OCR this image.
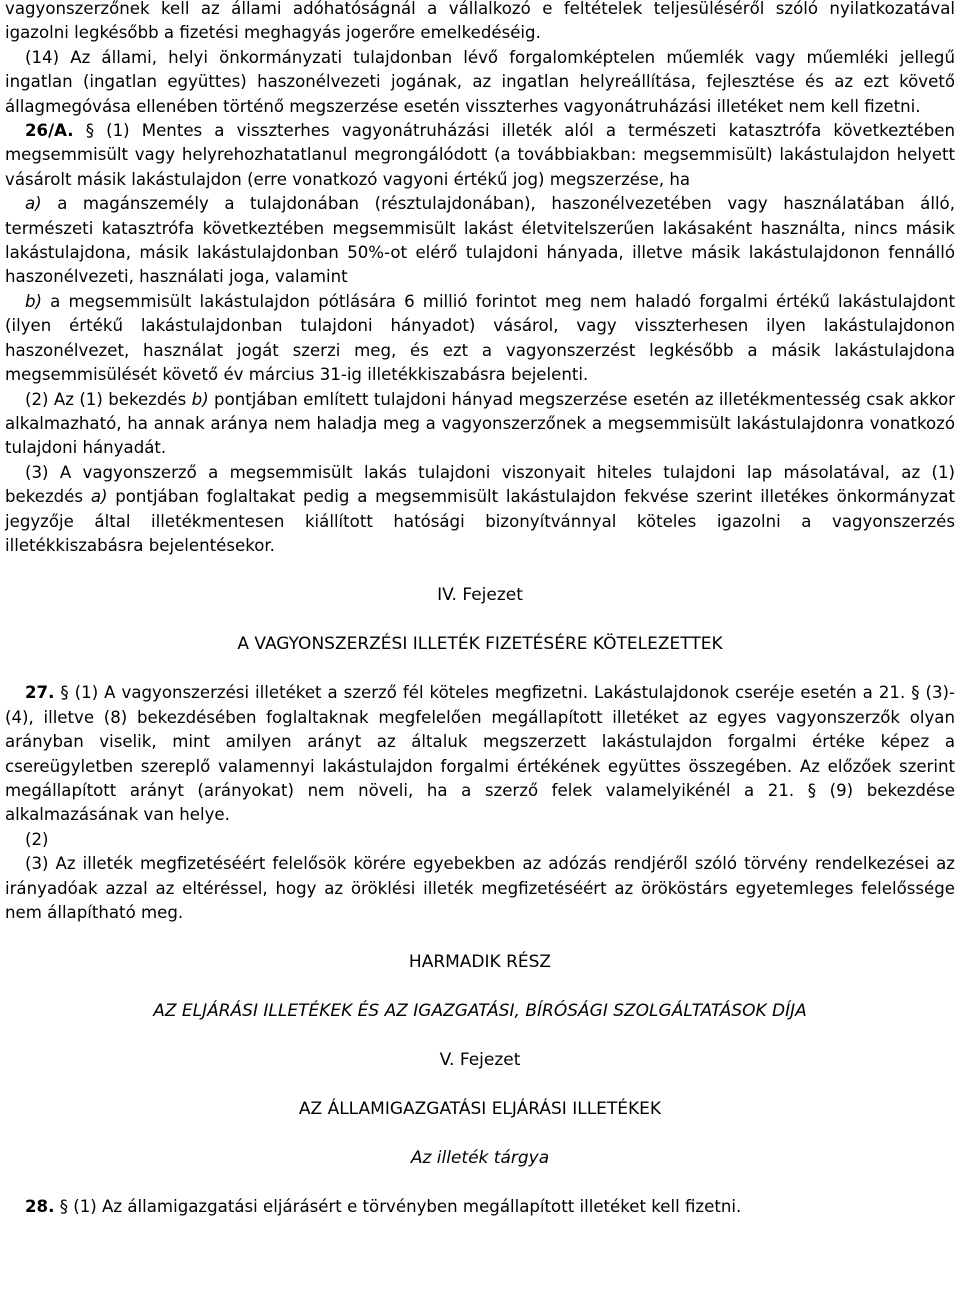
vagyonszerzőnek kell az állami adóhatóságnál a vállalkozó e feltételek teljesüléséről szóló nyilatkozatával igazolni legkésőbb a fizetési meghagyás jogerőre emelkedéséig.

(14) Az állami, helyi önkormányzati tulajdonban lévő forgalomképtelen műemlék vagy műemléki jellegű ingatlan (ingatlan együttes) haszonélvezeti jogának, az ingatlan helyreállítása, fejlesztése és az ezt követő állagmegóvása ellenében történő megszerzése esetén visszterhes vagyonátruházási illetéket nem kell fizetni.

26/A. § (1) Mentes a visszterhes vagyonátruházási illeték alól a természeti katasztrófa következtében megsemmisült vagy helyrehozhatatlanul megrongálódott (a továbbiakban: megsemmisült) lakástulajdon helyett vásárolt másik lakástulajdon (erre vonatkozó vagyoni értékű jog) megszerzése, ha

a) a magánszemély a tulajdonában (résztulajdonában), haszonélvezetében vagy használatában álló, természeti katasztrófa következtében megsemmisült lakást életvitelszerűen lakásaként használta, nincs másik lakástulajdona, másik lakástulajdonban 50%-ot elérő tulajdoni hányada, illetve másik lakástulajdonon fennálló haszonélvezeti, használati joga, valamint

b) a megsemmisült lakástulajdon pótlására 6 millió forintot meg nem haladó forgalmi értékű lakástulajdont (ilyen értékű lakástulajdonban tulajdoni hányadot) vásárol, vagy visszterhesen ilyen lakástulajdonon haszonélvezet, használat jogát szerzi meg, és ezt a vagyonszerzést legkésőbb a másik lakástulajdona megsemmisülését követő év március 31-ig illetékkiszabásra bejelenti.

(2) Az (1) bekezdés b) pontjában említett tulajdoni hányad megszerzése esetén az illetékmentesség csak akkor alkalmazható, ha annak aránya nem haladja meg a vagyonszerzőnek a megsemmisült lakástulajdonra vonatkozó tulajdoni hányadát.

(3) A vagyonszerző a megsemmisült lakás tulajdoni viszonyait hiteles tulajdoni lap másolatával, az (1) bekezdés a) pontjában foglaltakat pedig a megsemmisült lakástulajdon fekvése szerint illetékes önkormányzat jegyzője által illetékmentesen kiállított hatósági bizonyítvánnyal köteles igazolni a vagyonszerzés illetékkiszabásra bejelentésekor.

IV. Fejezet

A VAGYONSZERZÉSI ILLETÉK FIZETÉSÉRE KÖTELEZETTEK

27. § (1) A vagyonszerzési illetéket a szerző fél köteles megfizetni. Lakástulajdonok cseréje esetén a 21. § (3)-(4), illetve (8) bekezdésében foglaltaknak megfelelően megállapított illetéket az egyes vagyonszerzők olyan arányban viselik, mint amilyen arányt az általuk megszerzett lakástulajdon forgalmi értéke képez a csereügyletben szereplő valamennyi lakástulajdon forgalmi értékének együttes összegében. Az előzőek szerint megállapított arányt (arányokat) nem növeli, ha a szerző felek valamelyikénél a 21. § (9) bekezdése alkalmazásának van helye.

(2)

(3) Az illeték megfizetéséért felelősök körére egyebekben az adózás rendjéről szóló törvény rendelkezései az irányadóak azzal az eltéréssel, hogy az öröklési illeték megfizetéséért az örököstárs egyetemleges felelőssége nem állapítható meg.

HARMADIK RÉSZ

AZ ELJÁRÁSI ILLETÉKEK ÉS AZ IGAZGATÁSI, BÍRÓSÁGI SZOLGÁLTATÁSOK DÍJA

V. Fejezet

AZ ÁLLAMIGAZGATÁSI ELJÁRÁSI ILLETÉKEK

Az illeték tárgya

28. § (1) Az államigazgatási eljárásért e törvényben megállapított illetéket kell fizetni.
